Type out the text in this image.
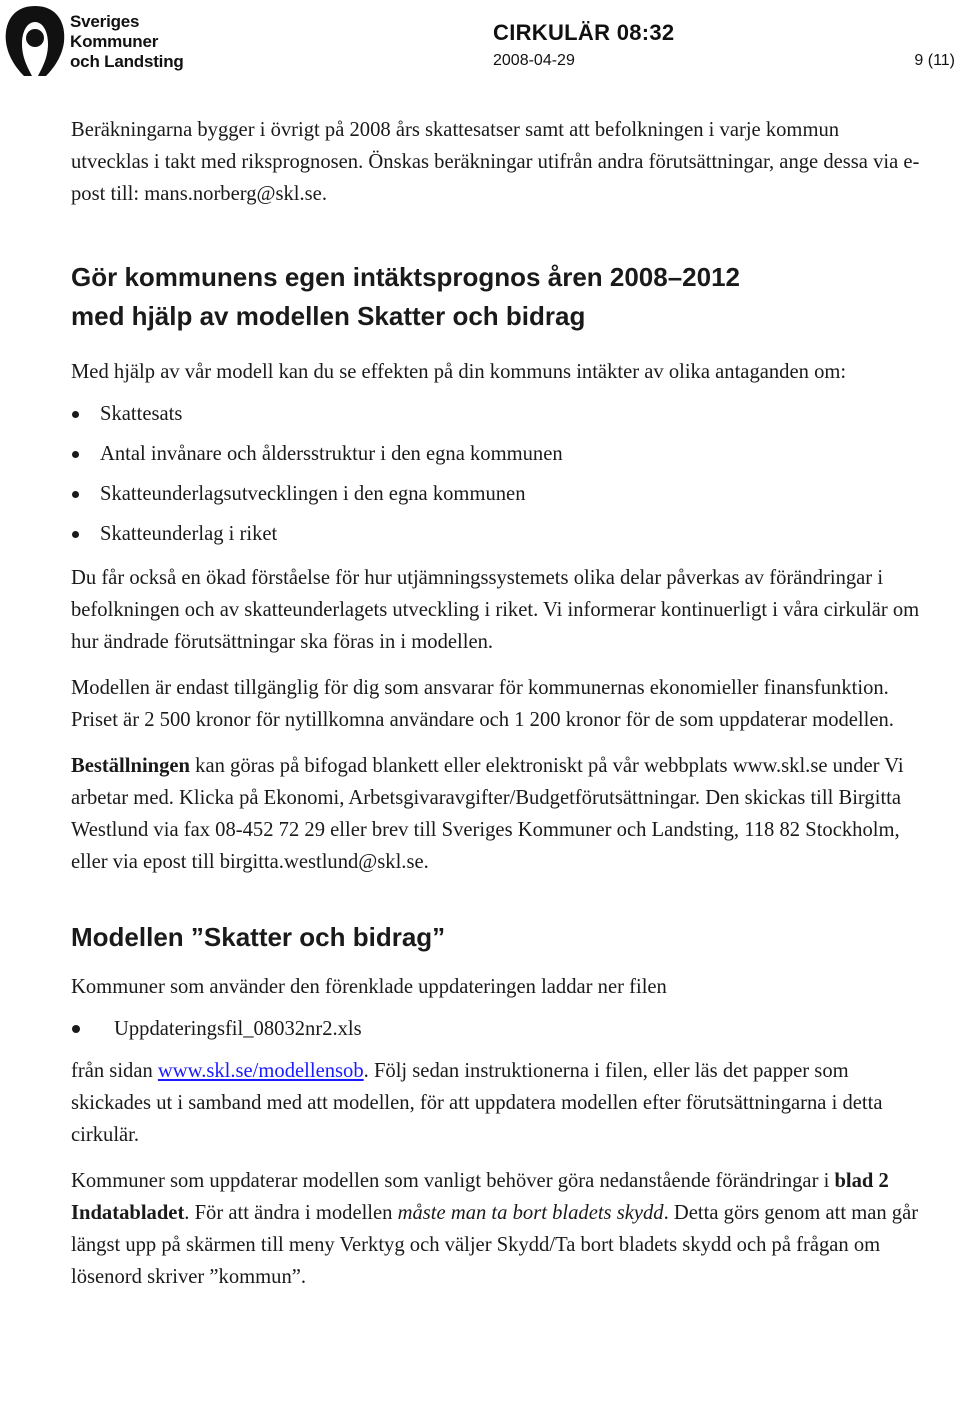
Sveriges
Kommuner
och Landsting
CIRKULÄR 08:32
2008-04-29	9 (11)

Beräkningarna bygger i övrigt på 2008 års skattesatser samt att befolkningen i varje kommun utvecklas i takt med riksprognosen. Önskas beräkningar utifrån andra förutsättningar, ange dessa via e-post till: mans.norberg@skl.se.

Gör kommunens egen intäktsprognos åren 2008–2012
med hjälp av modellen Skatter och bidrag

Med hjälp av vår modell kan du se effekten på din kommuns intäkter av olika antaganden om:

Skattesats
Antal invånare och åldersstruktur i den egna kommunen
Skatteunderlagsutvecklingen i den egna kommunen
Skatteunderlag i riket

Du får också en ökad förståelse för hur utjämningssystemets olika delar påverkas av förändringar i befolkningen och av skatteunderlagets utveckling i riket. Vi informerar kontinuerligt i våra cirkulär om hur ändrade förutsättningar ska föras in i modellen.

Modellen är endast tillgänglig för dig som ansvarar för kommunernas ekonomieller finansfunktion. Priset är 2 500 kronor för nytillkomna användare och 1 200 kronor för de som uppdaterar modellen.

Beställningen kan göras på bifogad blankett eller elektroniskt på vår webbplats www.skl.se under Vi arbetar med. Klicka på Ekonomi, Arbetsgivaravgifter/Budgetförutsättningar. Den skickas till Birgitta Westlund via fax 08-452 72 29 eller brev till Sveriges Kommuner och Landsting, 118 82 Stockholm, eller via epost till birgitta.westlund@skl.se.

Modellen ”Skatter och bidrag”

Kommuner som använder den förenklade uppdateringen laddar ner filen

Uppdateringsfil_08032nr2.xls

från sidan www.skl.se/modellensob. Följ sedan instruktionerna i filen, eller läs det papper som skickades ut i samband med att modellen, för att uppdatera modellen efter förutsättningarna i detta cirkulär.

Kommuner som uppdaterar modellen som vanligt behöver göra nedanstående förändringar i blad 2 Indatabladet. För att ändra i modellen måste man ta bort bladets skydd. Detta görs genom att man går längst upp på skärmen till meny Verktyg och väljer Skydd/Ta bort bladets skydd och på frågan om lösenord skriver ”kommun”.
